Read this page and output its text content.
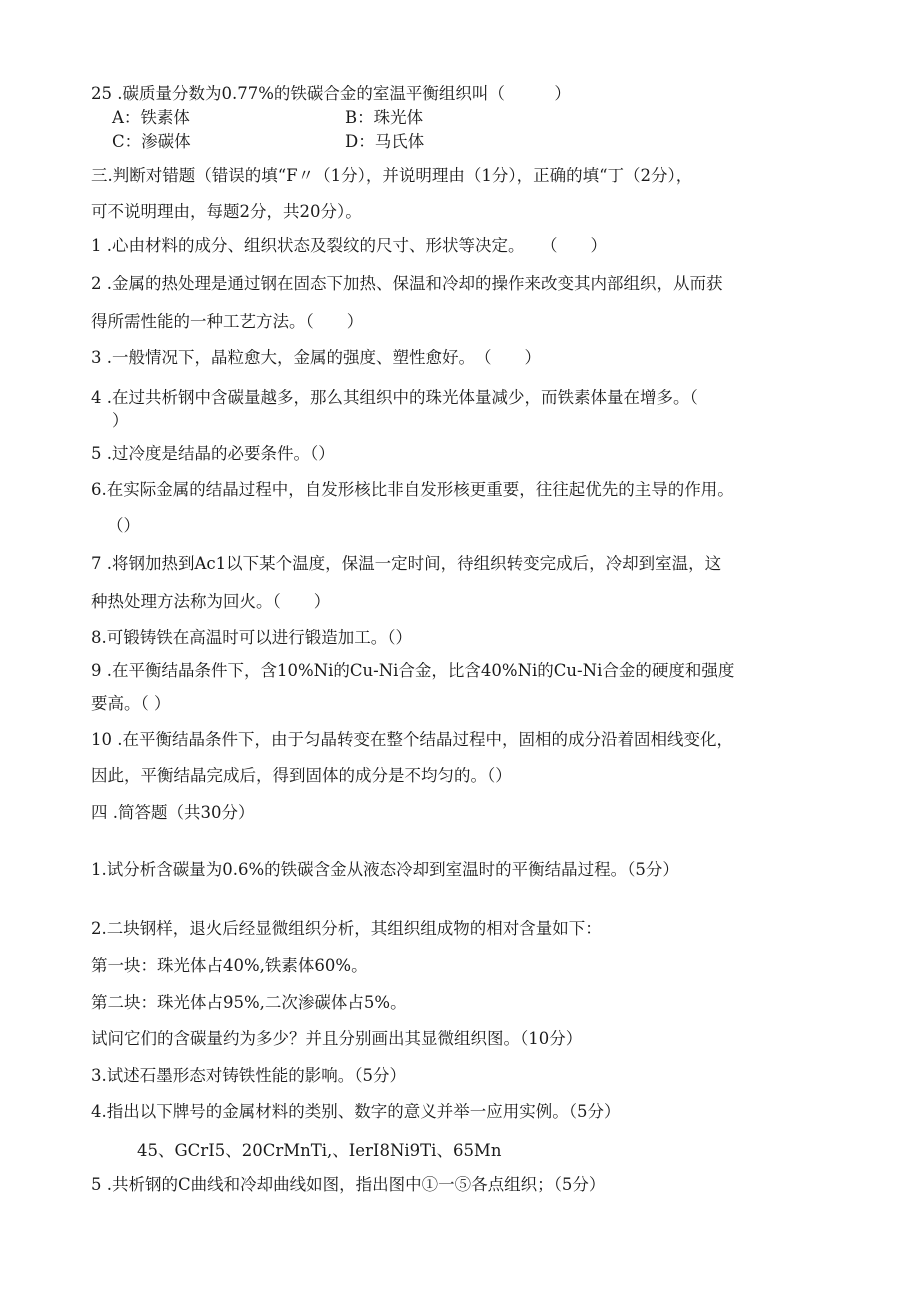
25 .碳质量分数为0.77%的铁碳合金的室温平衡组织叫（　　　）
A：铁素体	B：珠光体
C：渗碳体	D：马氏体
三.判断对错题（错误的填“F〃（1分），并说明理由（1分），正确的填“丁（2分），
可不说明理由，每题2分，共20分）。
1 .心由材料的成分、组织状态及裂纹的尺寸、形状等决定。　　（　　）
2 .金属的热处理是通过钢在固态下加热、保温和冷却的操作来改变其内部组织，从而获
得所需性能的一种工艺方法。（　　）
3 .一般情况下，晶粒愈大，金属的强度、塑性愈好。　（　　）
4 .在过共析钢中含碳量越多，那么其组织中的珠光体量减少，而铁素体量在增多。（
）
5 .过冷度是结晶的必要条件。（）
6.在实际金属的结晶过程中，自发形核比非自发形核更重要，往往起优先的主导的作用。
（）
7 .将钢加热到Ac1以下某个温度，保温一定时间，待组织转变完成后，冷却到室温，这
种热处理方法称为回火。（　　）
8.可锻铸铁在高温时可以进行锻造加工。（）
9 .在平衡结晶条件下，含10%Ni的Cu-Ni合金，比含40%Ni的Cu-Ni合金的硬度和强度
要高。（ ）
10 .在平衡结晶条件下，由于匀晶转变在整个结晶过程中，固相的成分沿着固相线变化，
因此，平衡结晶完成后，得到固体的成分是不均匀的。（）
四 .简答题（共30分）
1.试分析含碳量为0.6%的铁碳含金从液态冷却到室温时的平衡结晶过程。（5分）
2.二块钢样，退火后经显微组织分析，其组织组成物的相对含量如下：
第一块：珠光体占40%,铁素体60%。
第二块：珠光体占95%,二次渗碳体占5%。
试问它们的含碳量约为多少？并且分别画出其显微组织图。（10分）
3.试述石墨形态对铸铁性能的影响。（5分）
4.指出以下牌号的金属材料的类别、数字的意义并举一应用实例。（5分）
45、GCrI5、20CrMnTi,、IerI8Ni9Ti、65Mn
5 .共析钢的C曲线和冷却曲线如图，指出图中①一⑤各点组织；（5分）
